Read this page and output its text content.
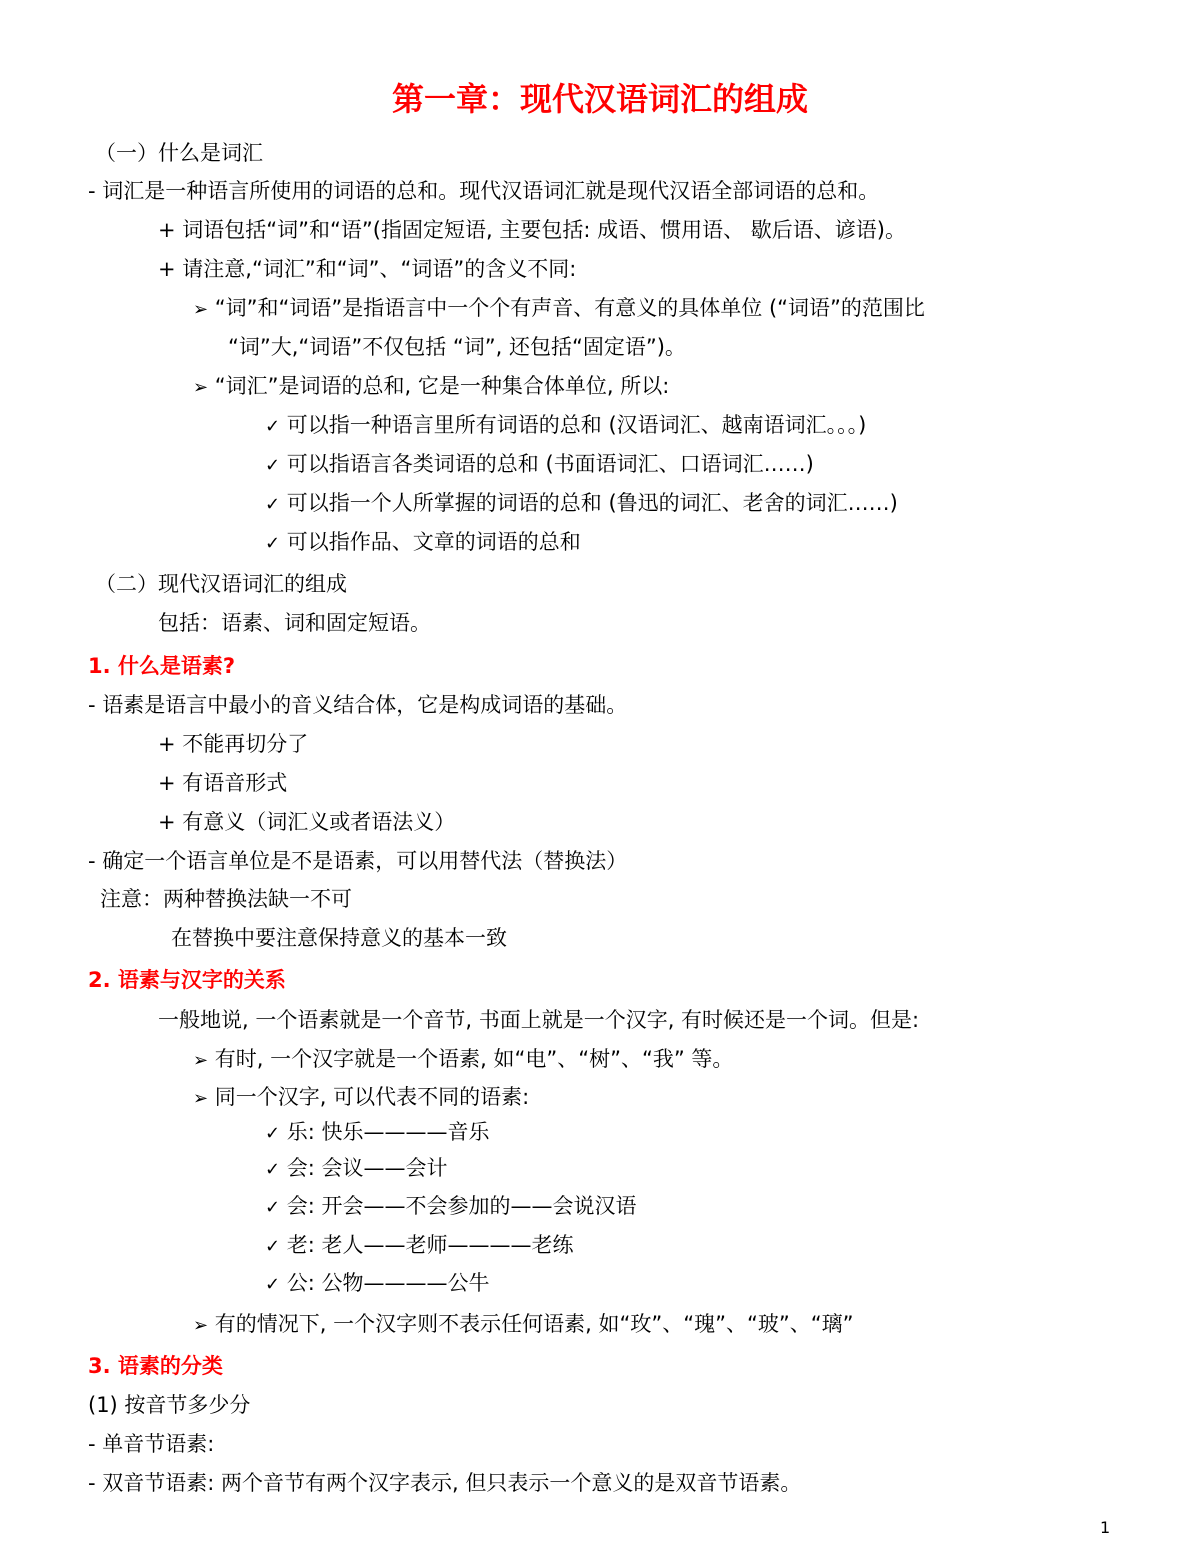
第一章：现代汉语词汇的组成
（一）什么是词汇
- 词汇是一种语言所使用的词语的总和。现代汉语词汇就是现代汉语全部词语的总和。
+ 词语包括“词”和“语”(指固定短语, 主要包括: 成语、惯用语、 歇后语、谚语)。
+ 请注意,“词汇”和“词”、“词语”的含义不同:
➢ “词”和“词语”是指语言中一个个有声音、有意义的具体单位 (“词语”的范围比
“词”大,“词语”不仅包括 “词”, 还包括“固定语”)。
➢ “词汇”是词语的总和, 它是一种集合体单位, 所以:
✓ 可以指一种语言里所有词语的总和 (汉语词汇、越南语词汇。。。)
✓ 可以指语言各类词语的总和 (书面语词汇、口语词汇……)
✓ 可以指一个人所掌握的词语的总和 (鲁迅的词汇、老舍的词汇……)
✓ 可以指作品、文章的词语的总和
（二）现代汉语词汇的组成
包括：语素、词和固定短语。
1. 什么是语素?
- 语素是语言中最小的音义结合体，它是构成词语的基础。
+ 不能再切分了
+ 有语音形式
+ 有意义（词汇义或者语法义）
- 确定一个语言单位是不是语素，可以用替代法（替换法）
注意：两种替换法缺一不可
在替换中要注意保持意义的基本一致
2. 语素与汉字的关系
一般地说, 一个语素就是一个音节, 书面上就是一个汉字, 有时候还是一个词。但是:
➢ 有时, 一个汉字就是一个语素, 如“电”、“树”、“我” 等。
➢ 同一个汉字, 可以代表不同的语素:
✓ 乐: 快乐————音乐
✓ 会: 会议——会计
✓ 会: 开会——不会参加的——会说汉语
✓ 老: 老人——老师————老练
✓ 公: 公物————公牛
➢ 有的情况下, 一个汉字则不表示任何语素, 如“玫”、“瑰”、“玻”、“璃”
3. 语素的分类
(1) 按音节多少分
- 单音节语素:
- 双音节语素: 两个音节有两个汉字表示, 但只表示一个意义的是双音节语素。
1
